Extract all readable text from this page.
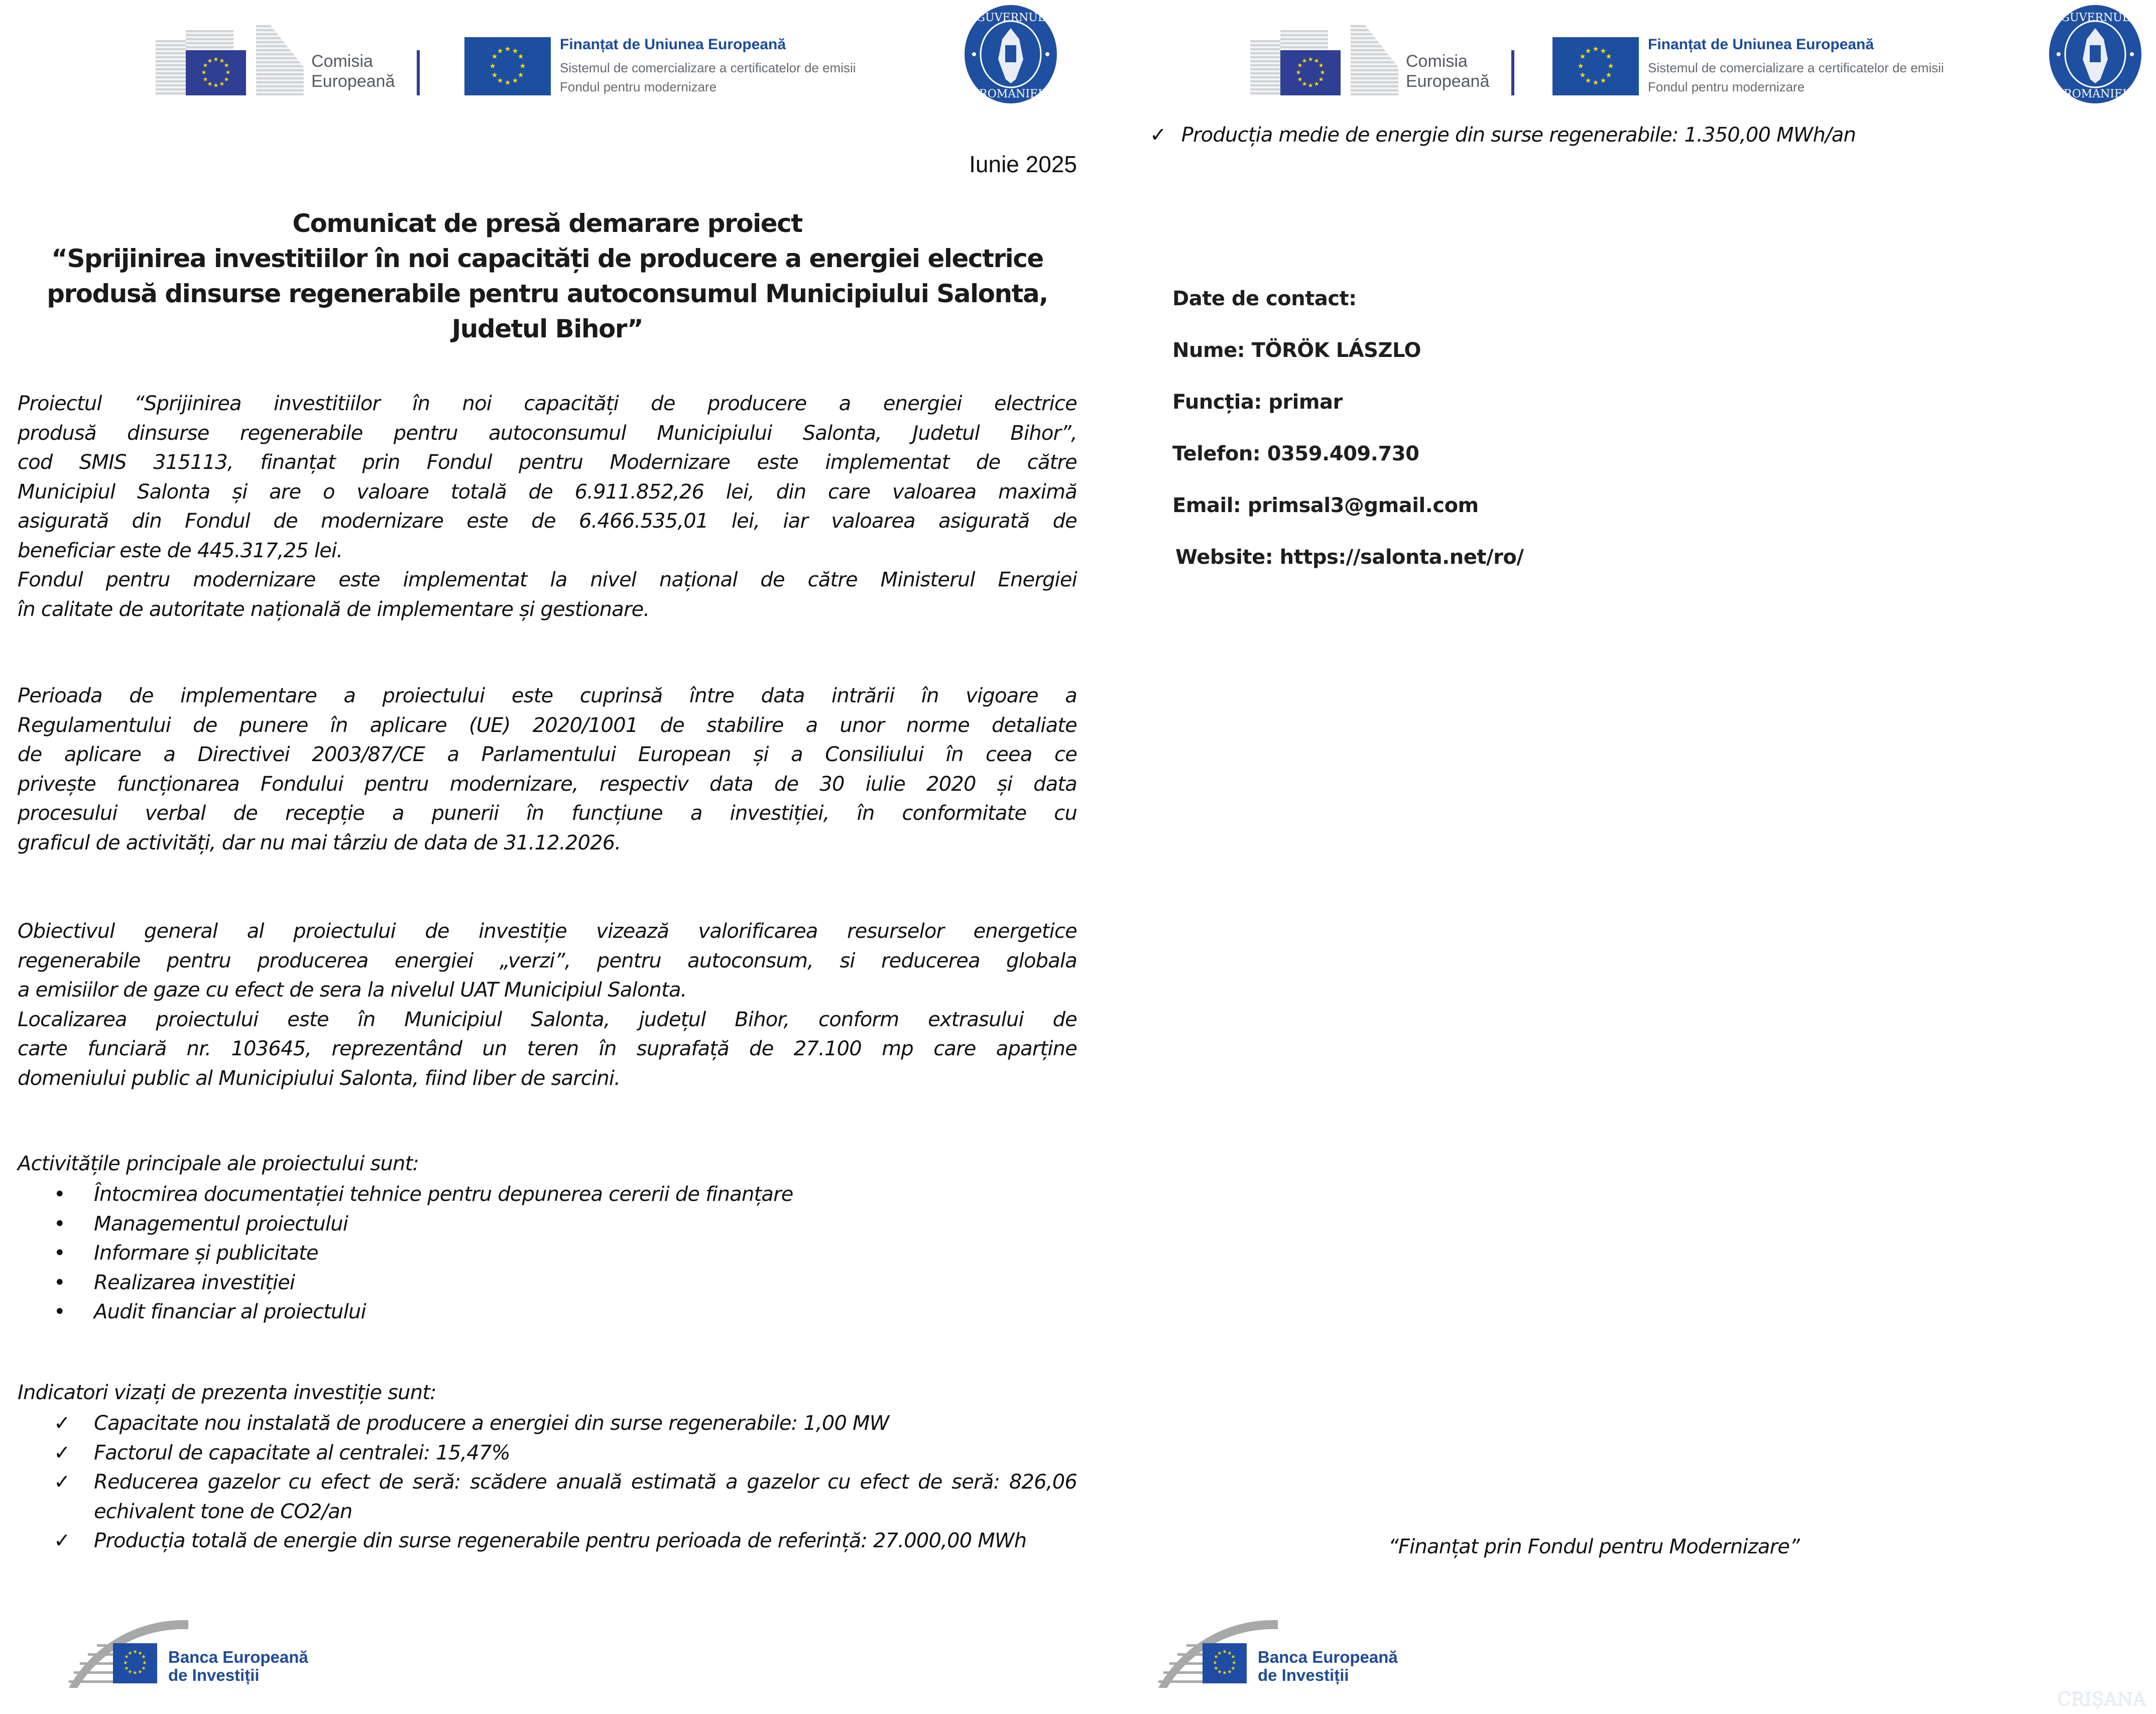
★ ★
★
★
★
★
★
★
★
★
★
★	Comisia
Europeană
★ ★
★
★
★
★
★
★
★
★
★
★	Finanțat de Uniunea Europeană
Sistemul de comercializare a certificatelor de emisii
Fondul pentru modernizare
GUVERNUL
ROMÂNIEI
Iunie 2025
Comunicat de presă demarare proiect
“Sprijinirea investitiilor în noi capacități de producere a energiei electrice
produsă dinsurse regenerabile pentru autoconsumul Municipiului Salonta,
Judetul Bihor”
Proiectul “Sprijinirea investitiilor în noi capacități de producere a energiei electrice
produsă dinsurse regenerabile pentru autoconsumul Municipiului Salonta, Judetul Bihor”,
cod SMIS 315113, finanțat prin Fondul pentru Modernizare este implementat de către
Municipiul Salonta și are o valoare totală de 6.911.852,26 lei, din care valoarea maximă
asigurată din Fondul de modernizare este de 6.466.535,01 lei, iar valoarea asigurată de
beneficiar este de 445.317,25 lei.
Fondul pentru modernizare este implementat la nivel național de către Ministerul Energiei
în calitate de autoritate națională de implementare și gestionare.
Perioada de implementare a proiectului este cuprinsă între data intrării în vigoare a
Regulamentului de punere în aplicare (UE) 2020/1001 de stabilire a unor norme detaliate
de aplicare a Directivei 2003/87/CE a Parlamentului European și a Consiliului în ceea ce
privește funcționarea Fondului pentru modernizare, respectiv data de 30 iulie 2020 și data
procesului verbal de recepție a punerii în funcțiune a investiției, în conformitate cu
graficul de activități, dar nu mai târziu de data de 31.12.2026.
Obiectivul general al proiectului de investiție vizează valorificarea resurselor energetice
regenerabile pentru producerea energiei „verzi”, pentru autoconsum, si reducerea globala
a emisiilor de gaze cu efect de sera la nivelul UAT Municipiul Salonta.
Localizarea proiectului este în Municipiul Salonta, județul Bihor, conform extrasului de
carte funciară nr. 103645, reprezentând un teren în suprafață de 27.100 mp care aparține
domeniului public al Municipiului Salonta, fiind liber de sarcini.
Activitățile principale ale proiectului sunt:
• Întocmirea documentației tehnice pentru depunerea cererii de finanțare
• Managementul proiectului
• Informare și publicitate
• Realizarea investiției
• Audit financiar al proiectului
Indicatori vizați de prezenta investiție sunt:
✓ Capacitate nou instalată de producere a energiei din surse regenerabile: 1,00 MW
✓ Factorul de capacitate al centralei: 15,47%
✓ Reducerea gazelor cu efect de seră: scădere anuală estimată a gazelor cu efect de seră: 826,06 echivalent tone de CO2/an
✓ Producția totală de energie din surse regenerabile pentru perioada de referință: 27.000,00 MWh
★ ★
★
★
★
★
★
★
★
★
★
★ Banca Europeană
de Investiții
★ ★
★
★
★
★
★
★
★
★
★
★	Comisia
Europeană
★ ★
★
★
★
★
★
★
★
★
★
★	Finanțat de Uniunea Europeană
Sistemul de comercializare a certificatelor de emisii
Fondul pentru modernizare
GUVERNUL
ROMÂNIEI
★ ★
★
★
★
★
★
★
★
★
★
★ Banca Europeană
de Investiții
✓ Producția medie de energie din surse regenerabile: 1.350,00 MWh/an
Date de contact:
Nume: TÖRÖK LÁSZLO
Funcția: primar
Telefon: 0359.409.730
Email: primsal3@gmail.com
Website: https://salonta.net/ro/
“Finanțat prin Fondul pentru Modernizare”
CRIȘANA
